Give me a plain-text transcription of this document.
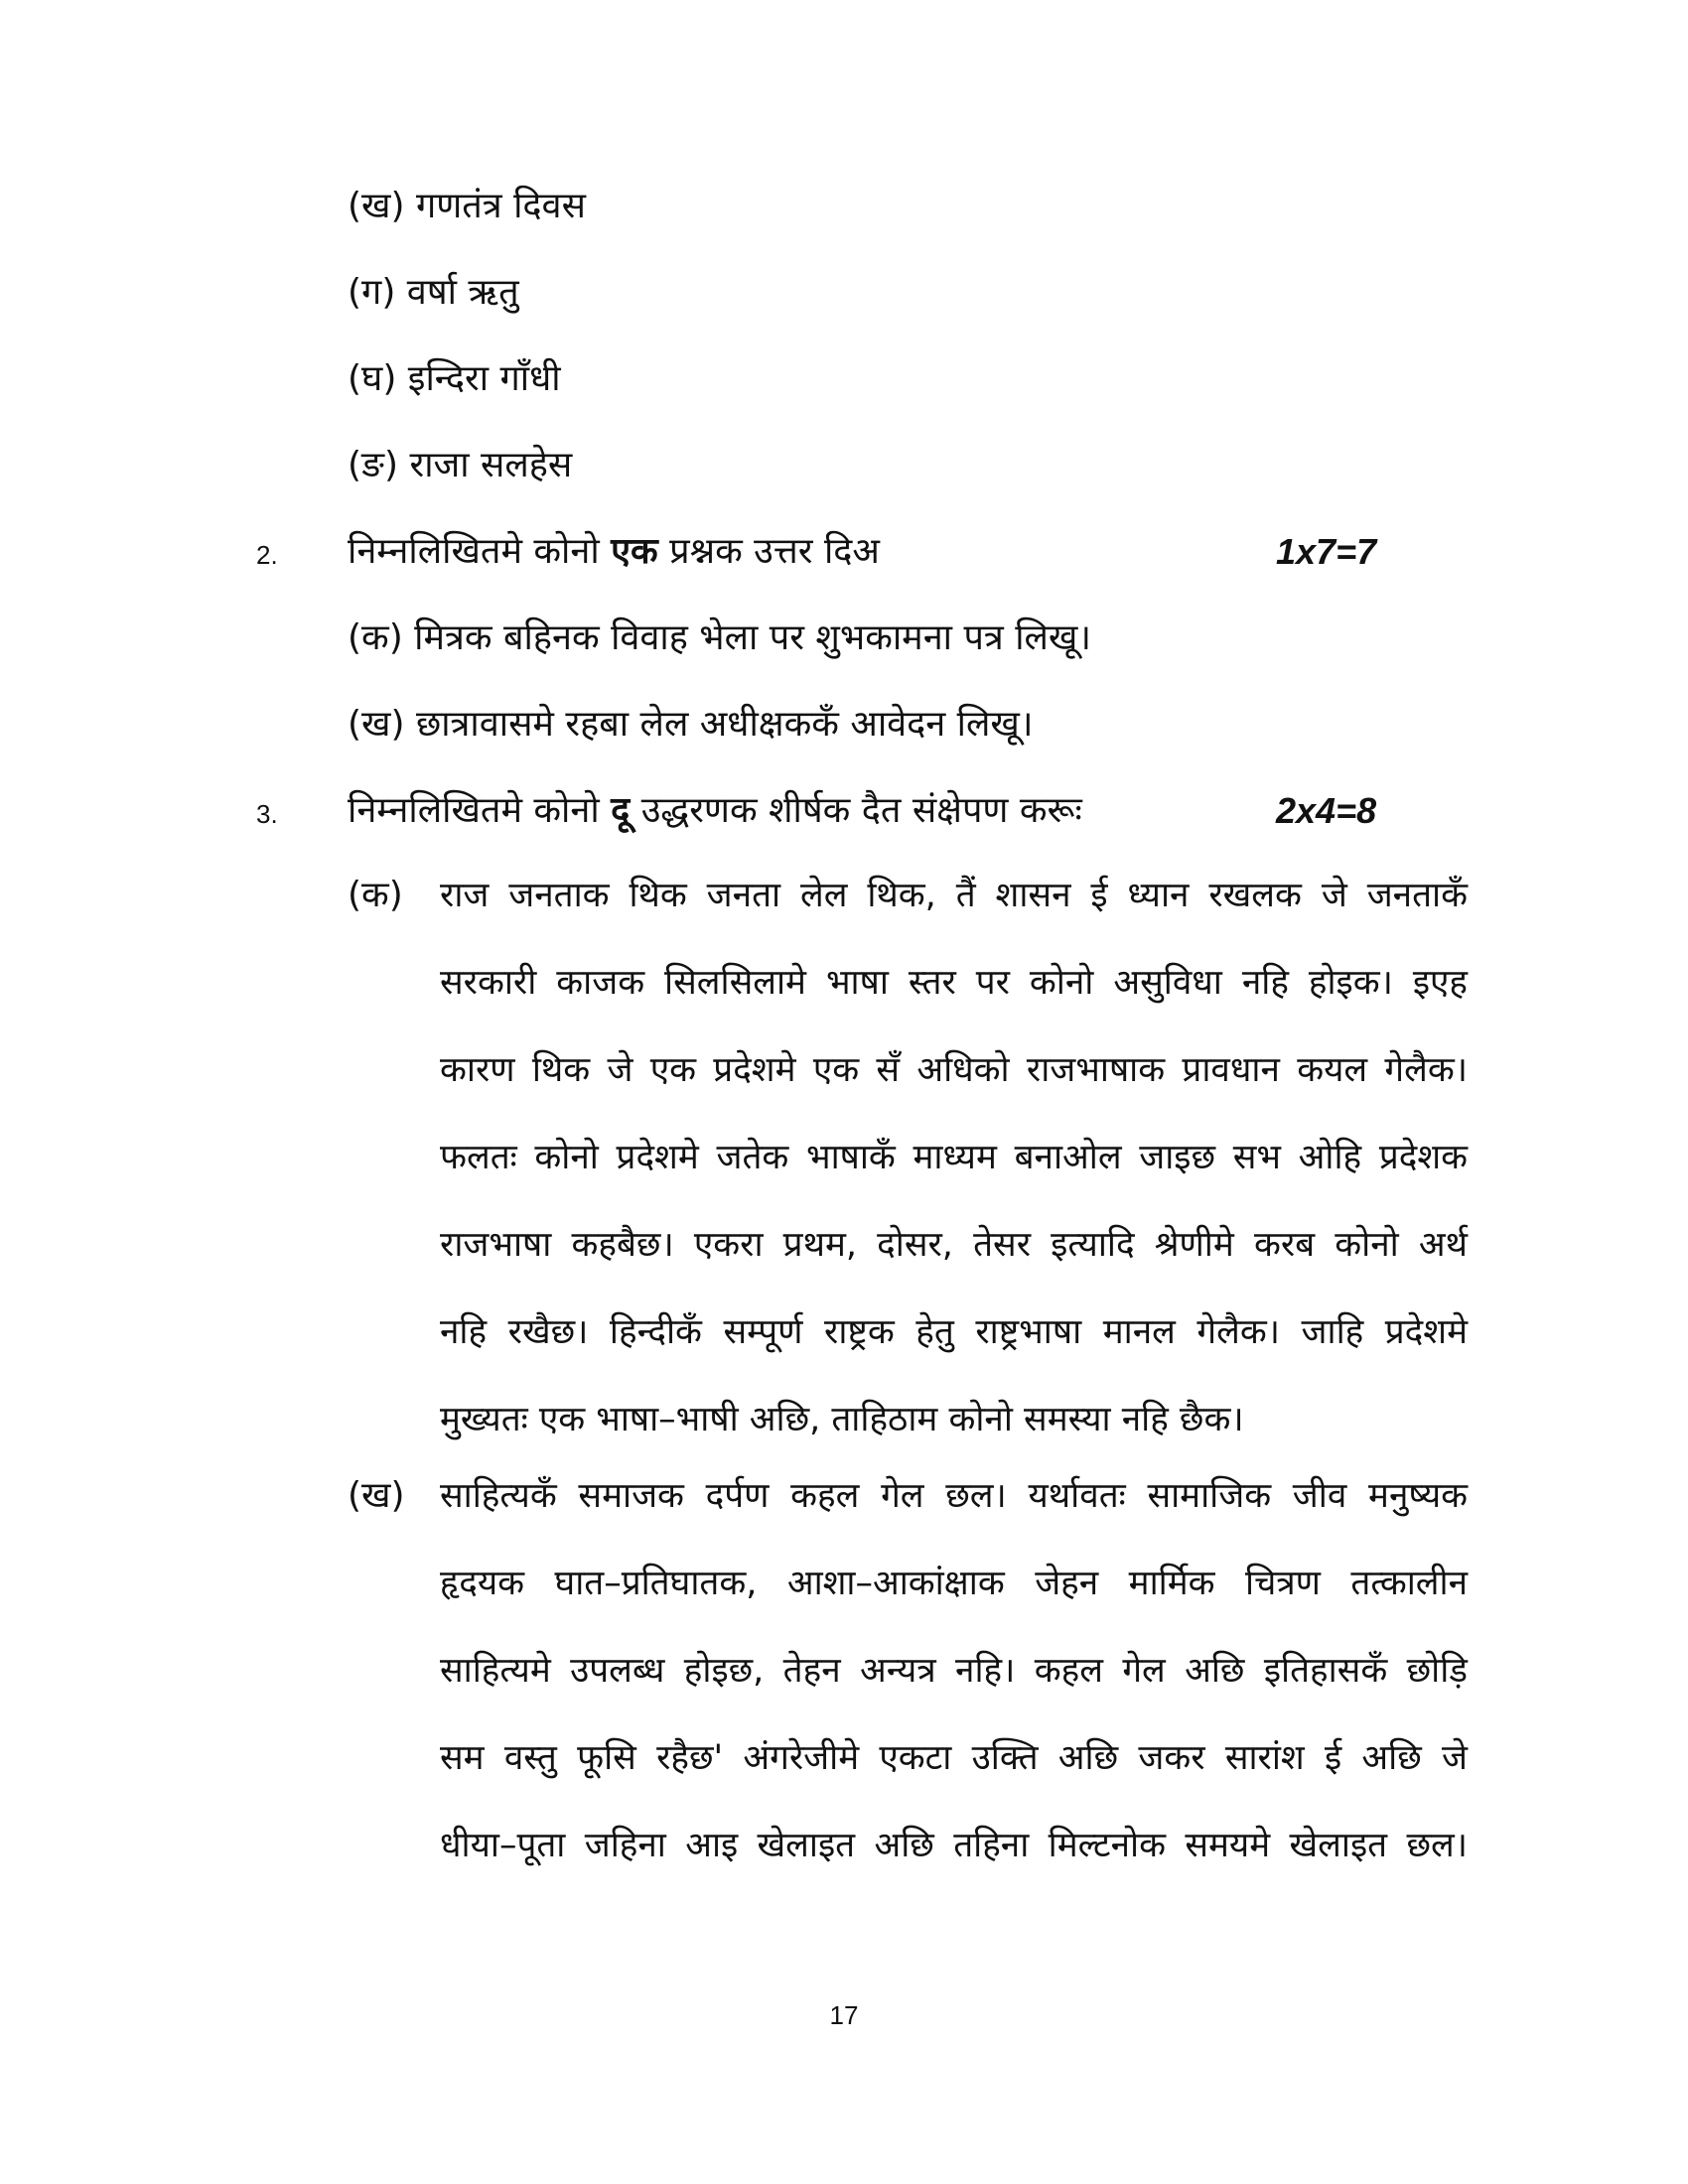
(ख) गणतंत्र दिवस
(ग) वर्षा ऋतु
(घ) इन्दिरा गाँधी
(ङ) राजा सलहेस
2. निम्नलिखितमे कोनो एक प्रश्नक उत्तर दिअ	1x7=7
(क) मित्रक बहिनक विवाह भेला पर शुभकामना पत्र लिखू।
(ख) छात्रावासमे रहबा लेल अधीक्षककँ आवेदन लिखू।
3. निम्नलिखितमे कोनो दू उद्धरणक शीर्षक दैत संक्षेपण करूः	2x4=8
(क) राज जनताक थिक जनता लेल थिक, तैं शासन ई ध्यान रखलक जे जनताकँ
सरकारी काजक सिलसिलामे भाषा स्तर पर कोनो असुविधा नहि होइक। इएह
कारण थिक जे एक प्रदेशमे एक सँ अधिको राजभाषाक प्रावधान कयल गेलैक।
फलतः कोनो प्रदेशमे जतेक भाषाकँ माध्यम बनाओल जाइछ सभ ओहि प्रदेशक
राजभाषा कहबैछ। एकरा प्रथम, दोसर, तेसर इत्यादि श्रेणीमे करब कोनो अर्थ
नहि रखैछ। हिन्दीकँ सम्पूर्ण राष्ट्रक हेतु राष्ट्रभाषा मानल गेलैक। जाहि प्रदेशमे
मुख्यतः एक भाषा–भाषी अछि, ताहिठाम कोनो समस्या नहि छैक।
(ख) साहित्यकँ समाजक दर्पण कहल गेल छल। यर्थावतः सामाजिक जीव मनुष्यक
हृदयक घात–प्रतिघातक, आशा–आकांक्षाक जेहन मार्मिक चित्रण तत्कालीन
साहित्यमे उपलब्ध होइछ, तेहन अन्यत्र नहि। कहल गेल अछि इतिहासकँ छोड़ि
सम वस्तु फूसि रहैछ' अंगरेजीमे एकटा उक्ति अछि जकर सारांश ई अछि जे
धीया–पूता जहिना आइ खेलाइत अछि तहिना मिल्टनोक समयमे खेलाइत छल।
17
